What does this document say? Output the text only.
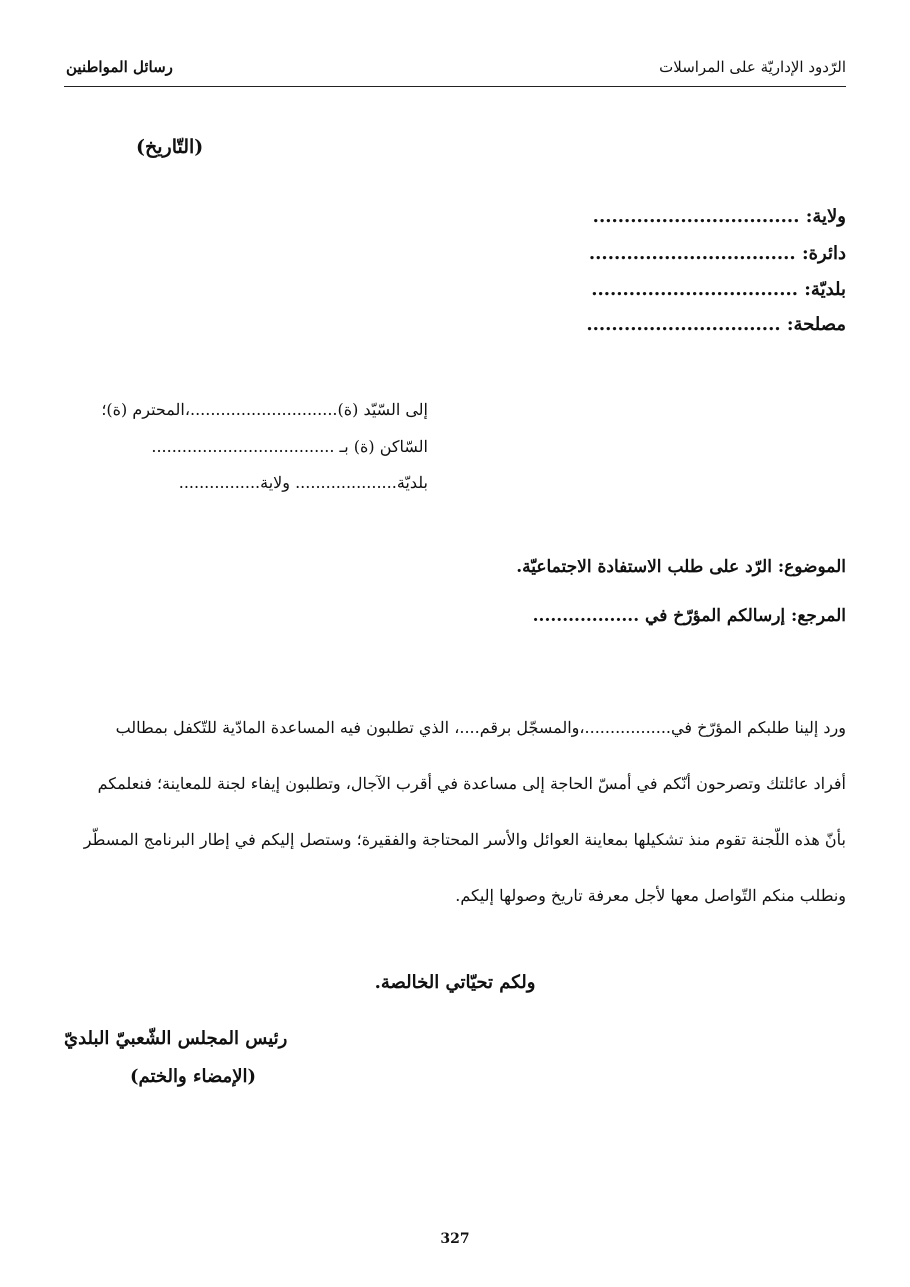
رسائل المواطنين	الرّدود الإداريّة على المراسلات
(التّاريخ)
ولاية: .................................
دائرة: .................................
بلديّة: .................................
مصلحة: ...............................
إلى السّيّد (ة).............................،المحترم (ة)؛
السّاكن (ة) بـ ....................................
بلديّة.................... ولاية................
الموضوع: الرّد على طلب الاستفادة الاجتماعيّة.
المرجع: إرسالكم المؤرّخ في ..................
ورد إلينا طلبكم المؤرّخ في.................،والمسجّل برقم....، الذي تطلبون فيه المساعدة المادّية للتّكفل بمطالب
أفراد عائلتك وتصرحون أنّكم في أمسّ الحاجة إلى مساعدة في أقرب الآجال، وتطلبون إيفاء لجنة للمعاينة؛ فنعلمكم
بأنّ هذه اللّجنة تقوم منذ تشكيلها بمعاينة العوائل والأسر المحتاجة والفقيرة؛ وستصل إليكم في إطار البرنامج المسطّر
ونطلب منكم التّواصل معها لأجل معرفة تاريخ وصولها إليكم.
ولكم تحيّاتي الخالصة.
رئيس المجلس الشّعبيّ البلديّ
(الإمضاء والختم)
327
